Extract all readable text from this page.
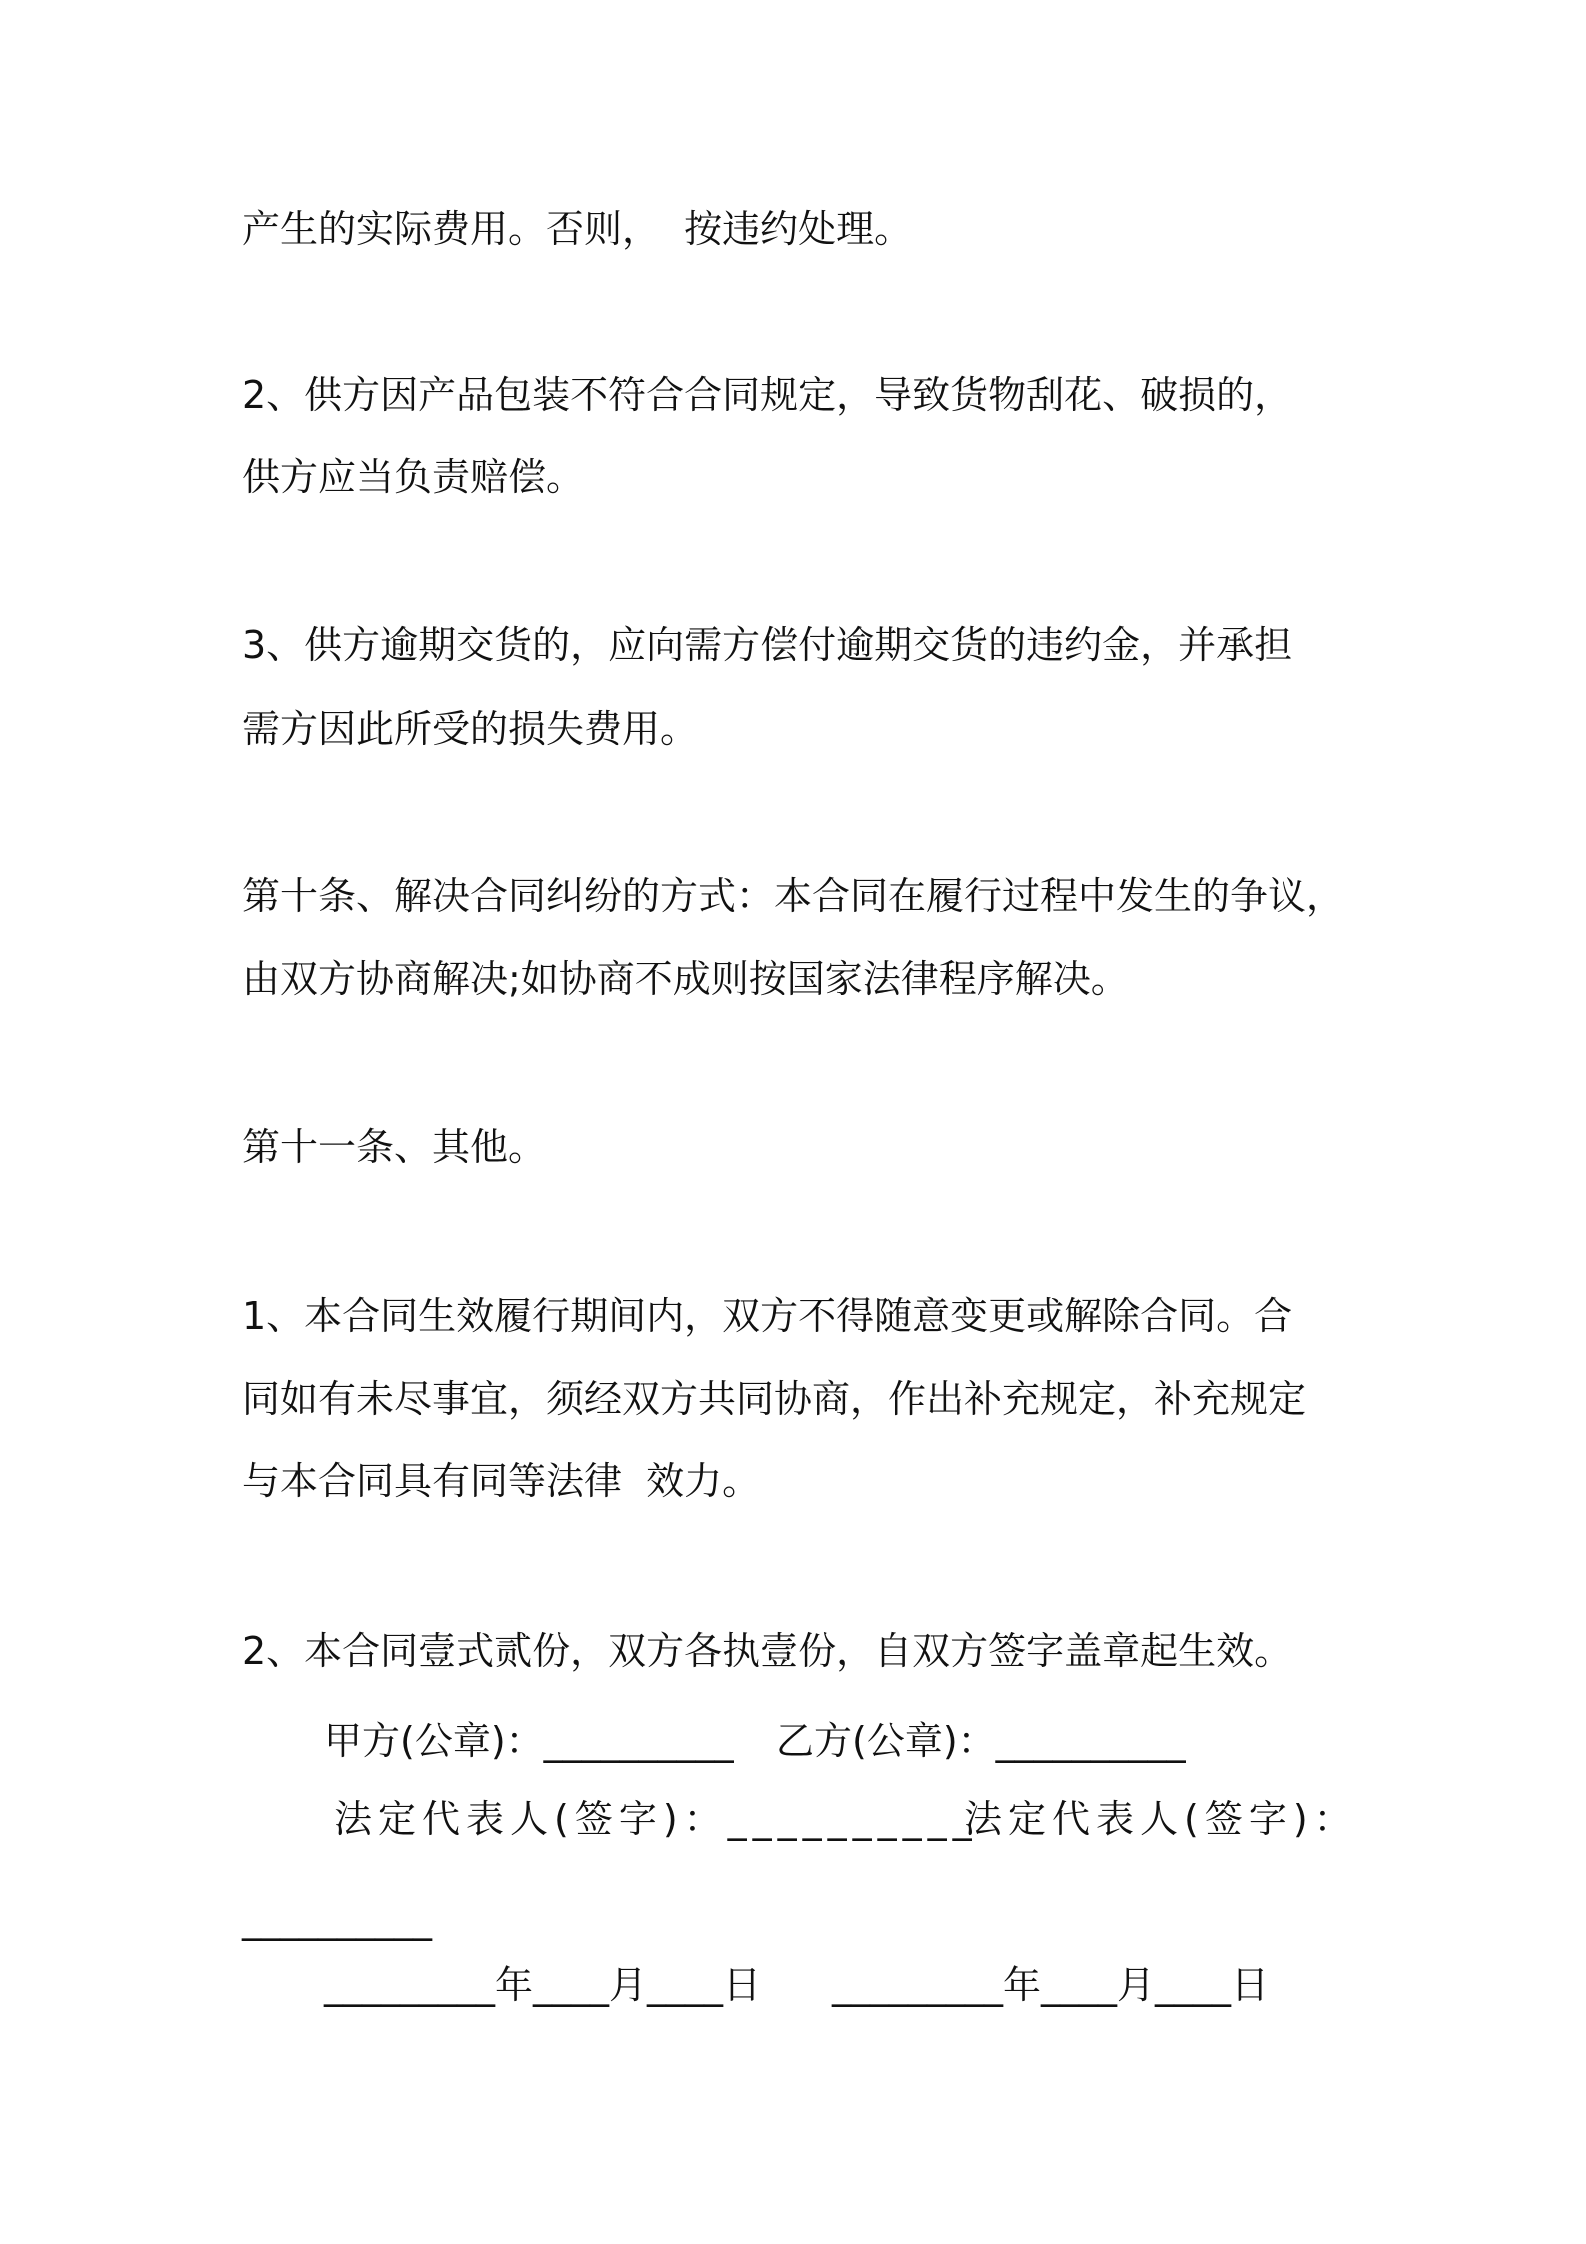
产生的实际费用。否则，  按违约处理。
2、供方因产品包装不符合合同规定，导致货物刮花、破损的，
供方应当负责赔偿。
3、供方逾期交货的，应向需方偿付逾期交货的违约金，并承担
需方因此所受的损失费用。
第十条、解决合同纠纷的方式：本合同在履行过程中发生的争议，
由双方协商解决;如协商不成则按国家法律程序解决。
第十一条、其他。
1、本合同生效履行期间内，双方不得随意变更或解除合同。合
同如有未尽事宜，须经双方共同协商，作出补充规定，补充规定
与本合同具有同等法律  效力。
2、本合同壹式贰份，双方各执壹份，自双方签字盖章起生效。
甲方(公章)：__________ 乙方(公章)：__________
法定代表人(签字)：__________
法定代表人(签字)：
__________
_________年____月____日 _________年____月____日
